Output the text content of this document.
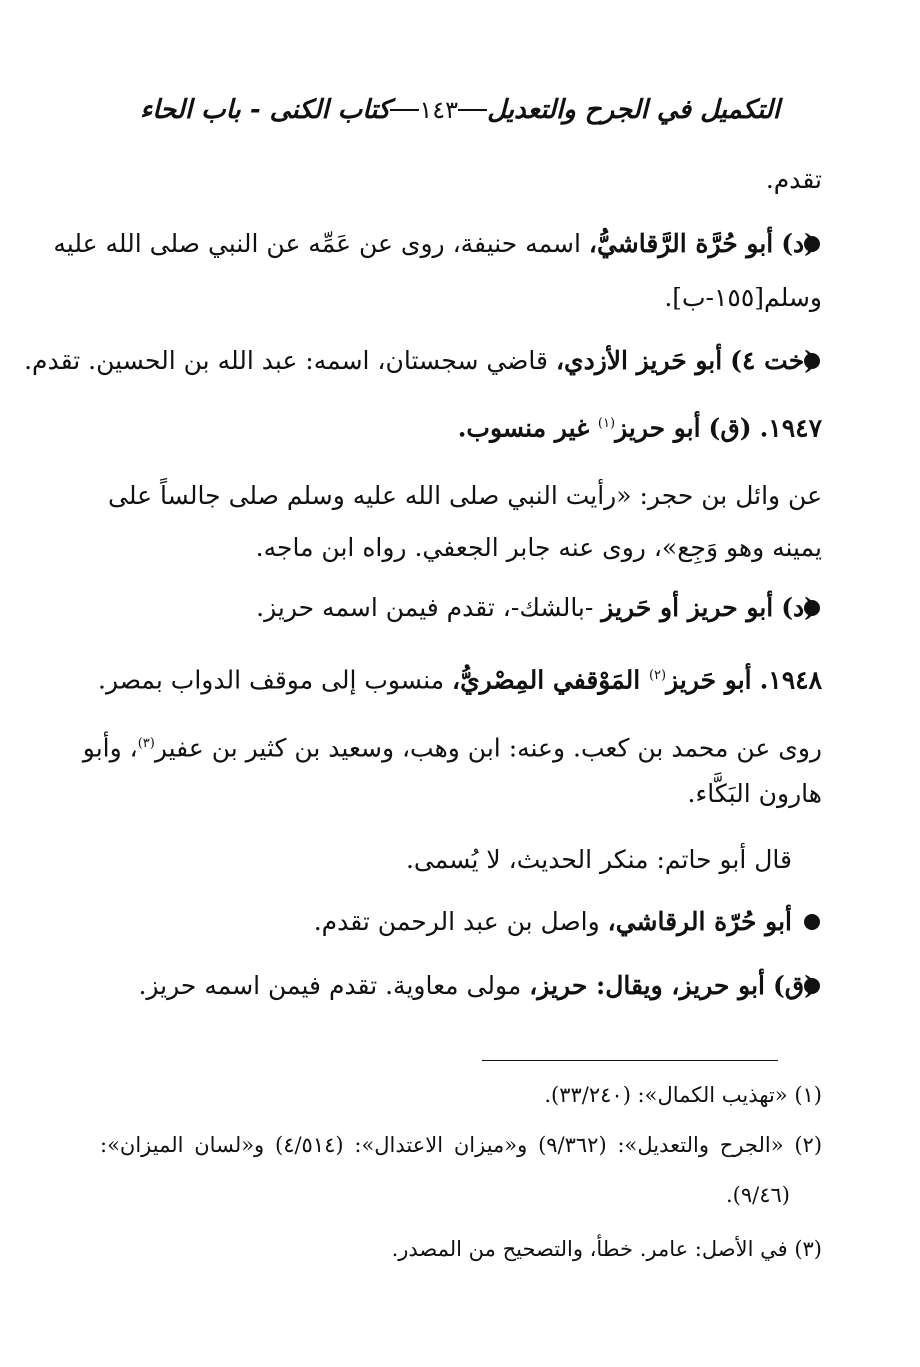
التكميل في الجرح والتعديل
١٤٣
كتاب الكنى - باب الحاء
تقدم.
(د) أبو حُرَّة الرَّقاشيُّ، اسمه حنيفة، روى عن عَمِّه عن النبي صلى الله عليه
وسلم[١٥٥-ب].
(خت ٤) أبو حَريز الأزدي، قاضي سجستان، اسمه: عبد الله بن الحسين. تقدم.
١٩٤٧. (ق) أبو حريز$^{(١)}$ غير منسوب.
عن وائل بن حجر: «رأيت النبي صلى الله عليه وسلم صلى جالساً على
يمينه وهو وَجِع»، روى عنه جابر الجعفي. رواه ابن ماجه.
(د) أبو حريز أو حَريز -بالشك-، تقدم فيمن اسمه حريز.
١٩٤٨. أبو حَريز$^{(٢)}$ المَوْقفي المِصْريُّ، منسوب إلى موقف الدواب بمصر.
روى عن محمد بن كعب. وعنه: ابن وهب، وسعيد بن كثير بن عفير$^{(٣)}$، وأبو
هارون البَكَّاء.
قال أبو حاتم: منكر الحديث، لا يُسمى.
أبو حُرّة الرقاشي، واصل بن عبد الرحمن تقدم.
(ق) أبو حريز، ويقال: حريز، مولى معاوية. تقدم فيمن اسمه حريز.
(١) «تهذيب الكمال»: (٣٣/٢٤٠).
(٢) «الجرح والتعديل»: (٩/٣٦٢) و«ميزان الاعتدال»: (٤/٥١٤) و«لسان الميزان»:
(٩/٤٦).
(٣) في الأصل: عامر. خطأ، والتصحيح من المصدر.
